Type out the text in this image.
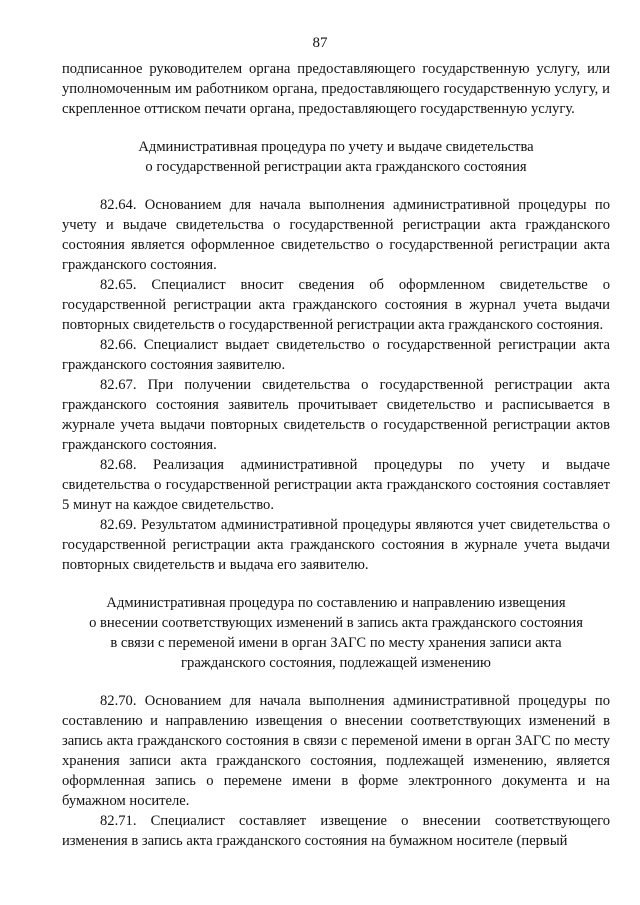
87

подписанное руководителем органа предоставляющего государственную услугу, или уполномоченным им работником органа, предоставляющего государственную услугу, и скрепленное оттиском печати органа, предоставляющего государственную услугу.

Административная процедура по учету и выдаче свидетельства

о государственной регистрации акта гражданского состояния

82.64. Основанием для начала выполнения административной процедуры по учету и выдаче свидетельства о государственной регистрации акта гражданского состояния является оформленное свидетельство о государственной регистрации акта гражданского состояния.

82.65. Специалист вносит сведения об оформленном свидетельстве о государственной регистрации акта гражданского состояния в журнал учета выдачи повторных свидетельств о государственной регистрации акта гражданского состояния.

82.66. Специалист выдает свидетельство о государственной регистрации акта гражданского состояния заявителю.

82.67. При получении свидетельства о государственной регистрации акта гражданского состояния заявитель прочитывает свидетельство и расписывается в журнале учета выдачи повторных свидетельств о государственной регистрации актов гражданского состояния.

82.68. Реализация административной процедуры по учету и выдаче свидетельства о государственной регистрации акта гражданского состояния составляет 5 минут на каждое свидетельство.

82.69. Результатом административной процедуры являются учет свидетельства о государственной регистрации акта гражданского состояния в журнале учета выдачи повторных свидетельств и выдача его заявителю.

Административная процедура по составлению и направлению извещения

о внесении соответствующих изменений в запись акта гражданского состояния

в связи с переменой имени в орган ЗАГС по месту хранения записи акта

гражданского состояния, подлежащей изменению

82.70. Основанием для начала выполнения административной процедуры по составлению и направлению извещения о внесении соответствующих изменений в запись акта гражданского состояния в связи с переменой имени в орган ЗАГС по месту хранения записи акта гражданского состояния, подлежащей изменению, является оформленная запись о перемене имени в форме электронного документа и на бумажном носителе.

82.71. Специалист составляет извещение о внесении соответствующего изменения в запись акта гражданского состояния на бумажном носителе (первый
